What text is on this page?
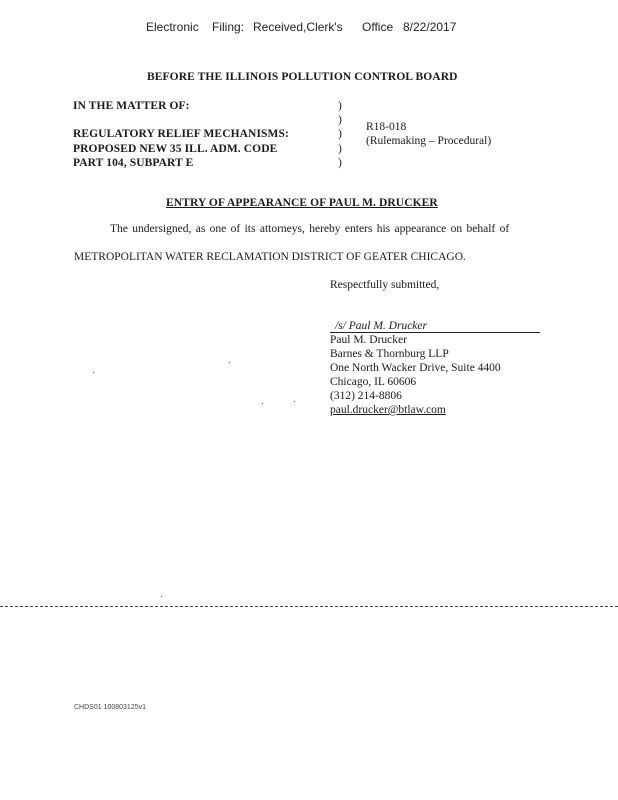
Electronic Filing: Received,Clerk's Office 8/22/2017
BEFORE THE ILLINOIS POLLUTION CONTROL BOARD
IN THE MATTER OF:
REGULATORY RELIEF MECHANISMS:
PROPOSED NEW 35 ILL. ADM. CODE
PART 104, SUBPART E
)
)
)
)
)
R18-018
(Rulemaking – Procedural)
ENTRY OF APPEARANCE OF PAUL M. DRUCKER
The undersigned, as one of its attorneys, hereby enters his appearance on behalf of
METROPOLITAN WATER RECLAMATION DISTRICT OF GEATER CHICAGO.
Respectfully submitted,
/s/ Paul M. Drucker
Paul M. Drucker
Barnes & Thornburg LLP
One North Wacker Drive, Suite 4400
Chicago, IL 60606
(312) 214-8806
paul.drucker@btlaw.com
CHDS01 100803125v1
